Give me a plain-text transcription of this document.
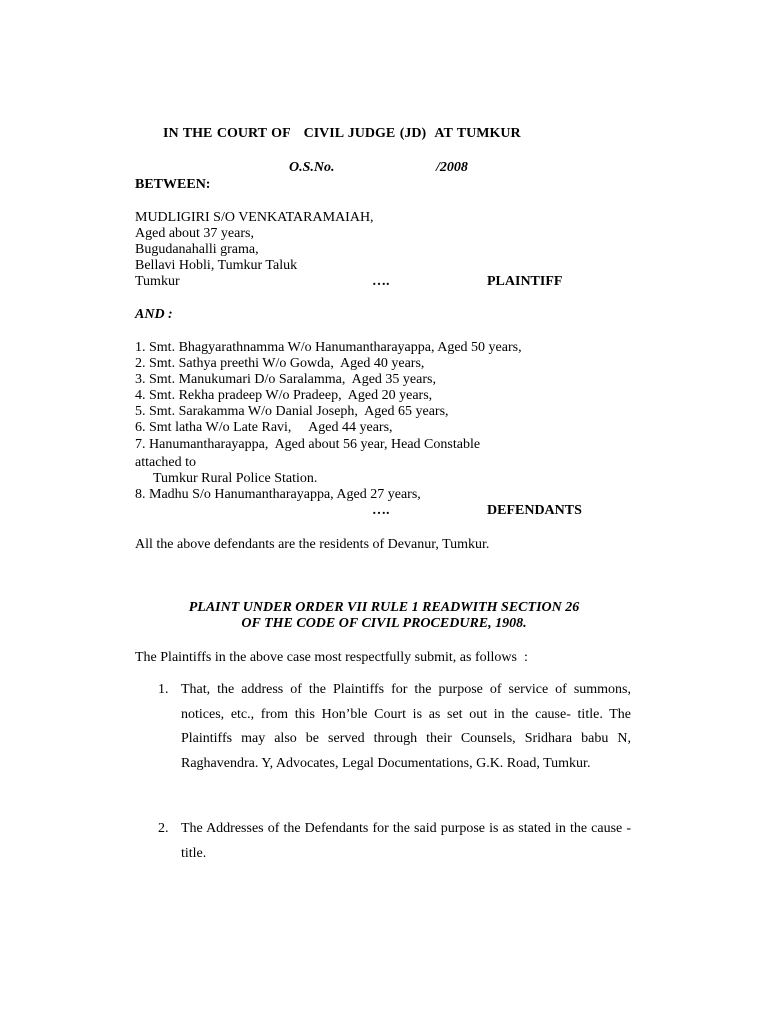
IN THE COURT OF   CIVIL JUDGE (JD)  AT TUMKUR
O.S.No.	/2008
BETWEEN:
MUDLIGIRI S/O VENKATARAMAIAH,
Aged about 37 years,
Bugudanahalli grama,
Bellavi Hobli, Tumkur Taluk
Tumkur	….	PLAINTIFF
AND :
1. Smt. Bhagyarathnamma W/o Hanumantharayappa, Aged 50 years,
2. Smt. Sathya preethi W/o Gowda,  Aged 40 years,
3. Smt. Manukumari D/o Saralamma,  Aged 35 years,
4. Smt. Rekha pradeep W/o Pradeep,  Aged 20 years,
5. Smt. Sarakamma W/o Danial Joseph,  Aged 65 years,
6. Smt latha W/o Late Ravi,     Aged 44 years,
7. Hanumantharayappa,  Aged about 56 year, Head Constable
attached to
Tumkur Rural Police Station.
8. Madhu S/o Hanumantharayappa, Aged 27 years,
….	DEFENDANTS
All the above defendants are the residents of Devanur, Tumkur.
PLAINT UNDER ORDER VII RULE 1 READWITH SECTION 26
OF THE CODE OF CIVIL PROCEDURE, 1908.
The Plaintiffs in the above case most respectfully submit, as follows  :
1. That, the address of the Plaintiffs for the purpose of service of summons, notices, etc., from this Hon’ble Court is as set out in the cause- title. The Plaintiffs may also be served through their Counsels, Sridhara babu N, Raghavendra. Y, Advocates, Legal Documentations, G.K. Road, Tumkur.
2. The Addresses of the Defendants for the said purpose is as stated in the cause -title.
